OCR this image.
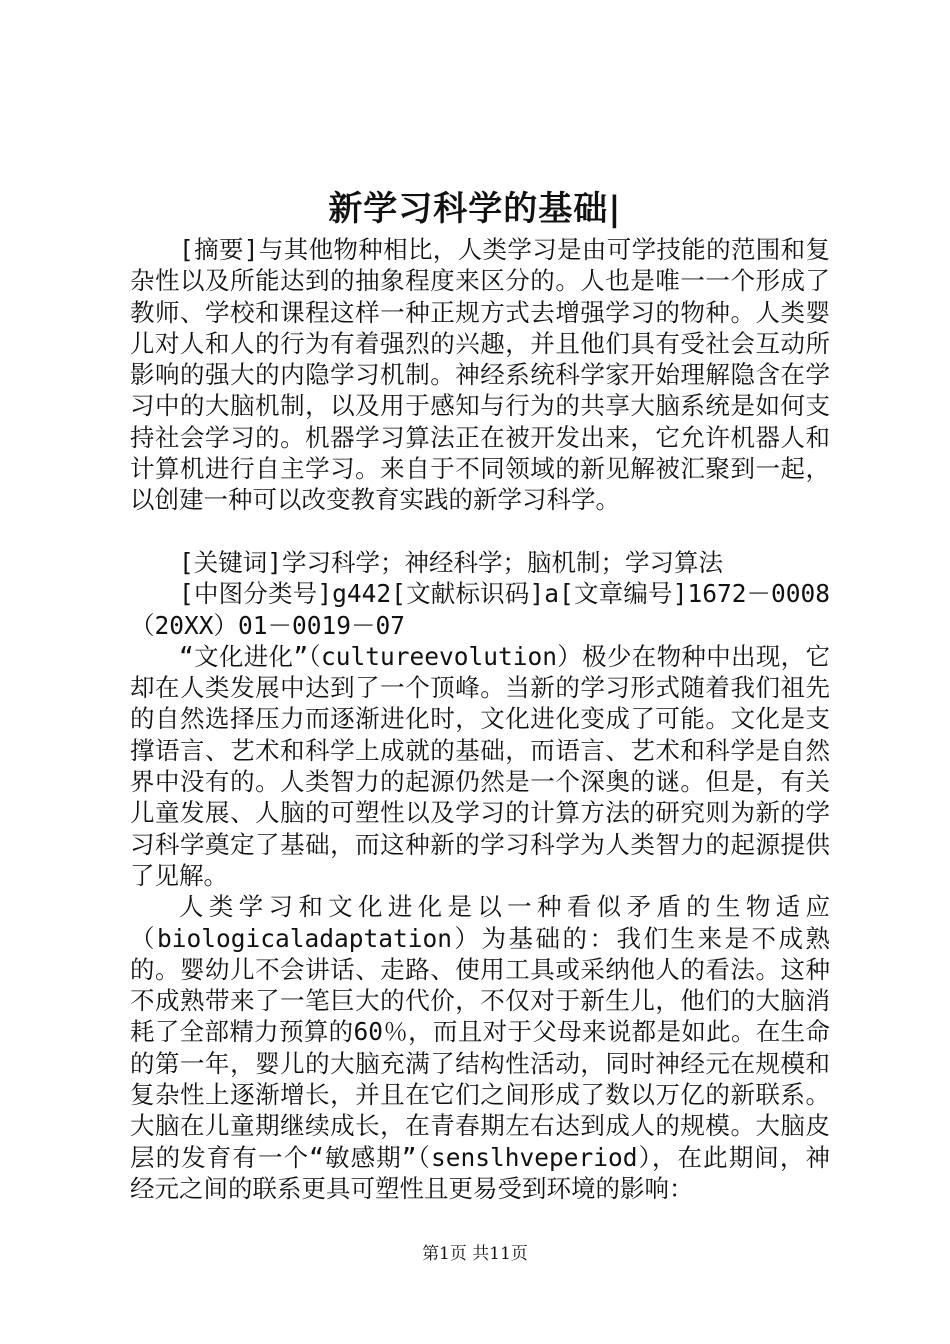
新学习科学的基础|

[摘要]与其他物种相比，人类学习是由可学技能的范围和复杂性以及所能达到的抽象程度来区分的。人也是唯一一个形成了教师、学校和课程这样一种正规方式去增强学习的物种。人类婴儿对人和人的行为有着强烈的兴趣，并且他们具有受社会互动所影响的强大的内隐学习机制。神经系统科学家开始理解隐含在学习中的大脑机制，以及用于感知与行为的共享大脑系统是如何支持社会学习的。机器学习算法正在被开发出来，它允许机器人和计算机进行自主学习。来自于不同领域的新见解被汇聚到一起，以创建一种可以改变教育实践的新学习科学。

[关键词]学习科学；神经科学；脑机制；学习算法

[中图分类号]g442[文献标识码]a[文章编号]1672－0008（20XX）01－0019－07

“文化进化”（cultureevolution）极少在物种中出现，它却在人类发展中达到了一个顶峰。当新的学习形式随着我们祖先的自然选择压力而逐渐进化时，文化进化变成了可能。文化是支撑语言、艺术和科学上成就的基础，而语言、艺术和科学是自然界中没有的。人类智力的起源仍然是一个深奥的谜。但是，有关儿童发展、人脑的可塑性以及学习的计算方法的研究则为新的学习科学奠定了基础，而这种新的学习科学为人类智力的起源提供了见解。

人类学习和文化进化是以一种看似矛盾的生物适应（biologicaladaptation）为基础的：我们生来是不成熟的。婴幼儿不会讲话、走路、使用工具或采纳他人的看法。这种不成熟带来了一笔巨大的代价，不仅对于新生儿，他们的大脑消耗了全部精力预算的60％，而且对于父母来说都是如此。在生命的第一年，婴儿的大脑充满了结构性活动，同时神经元在规模和复杂性上逐渐增长，并且在它们之间形成了数以万亿的新联系。大脑在儿童期继续成长，在青春期左右达到成人的规模。大脑皮层的发育有一个“敏感期”（senslhveperiod），在此期间，神经元之间的联系更具可塑性且更易受到环境的影响：

第1页 共11页
